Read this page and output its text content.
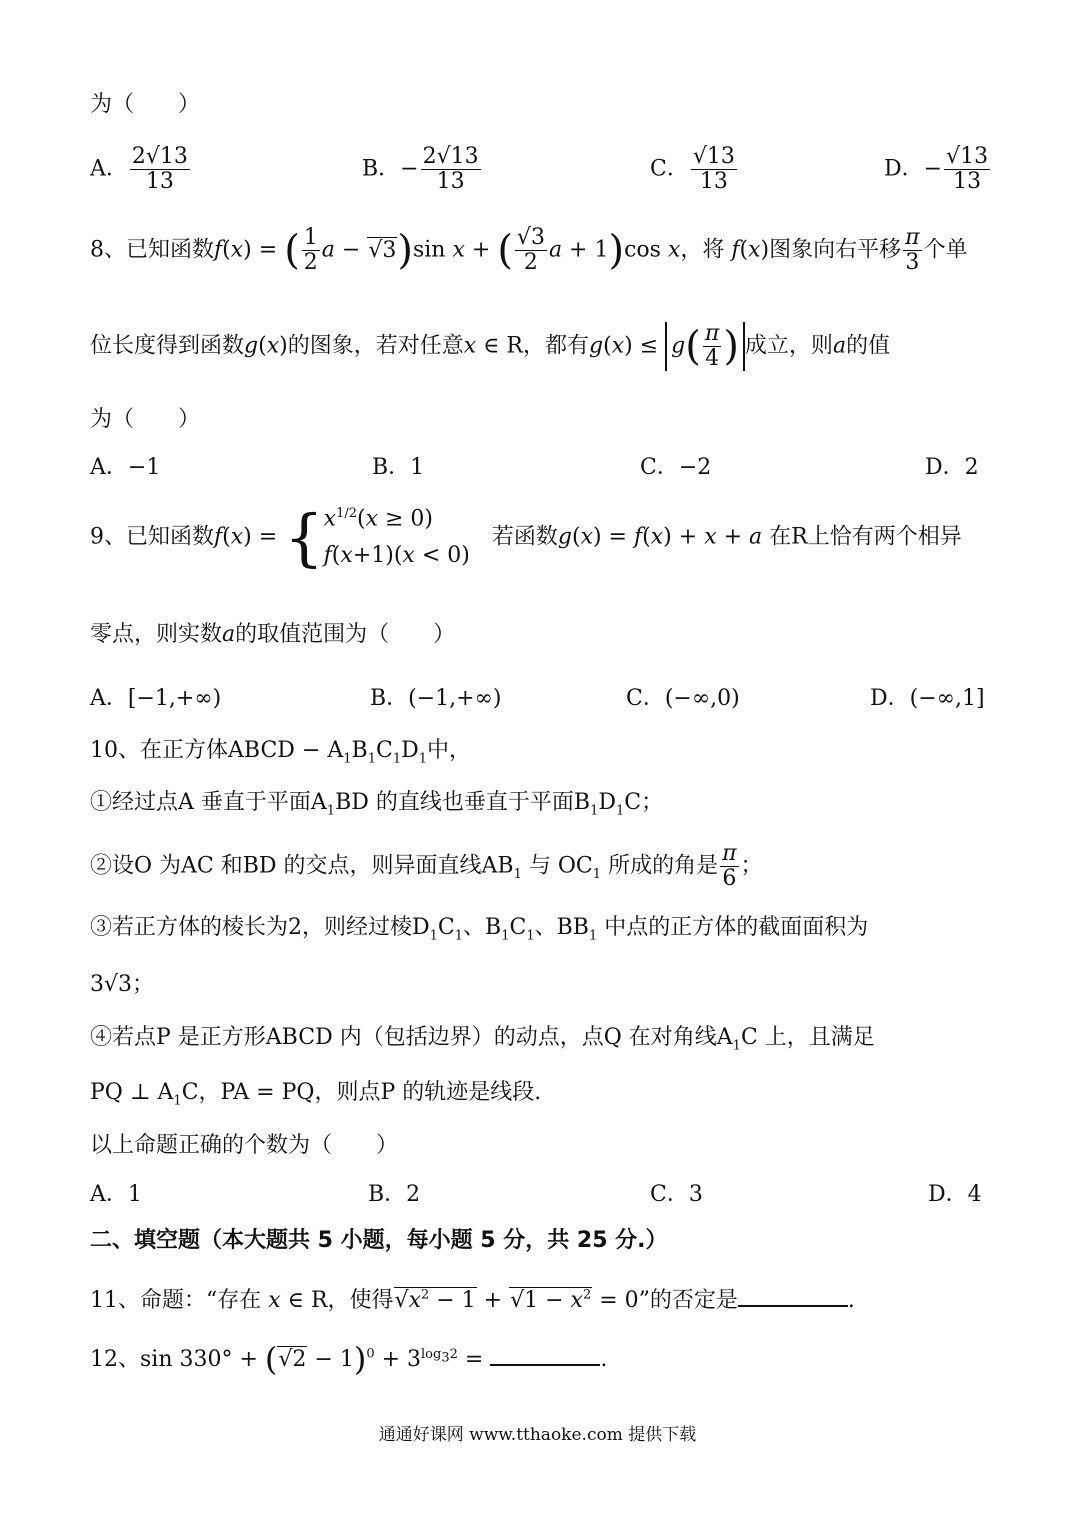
为（　　）
A． $\frac{2√13}{13}$	B．− $\frac{2√13}{13}$	C． $\frac{√13}{13}$	D．− $\frac{√13}{13}$
8、已知函数f(x) = ( $\frac{1}{2}$ a − √3)sin x + ( $\frac{√3}{2}$ a + 1)cos x，将 f(x)图象向右平移 $\frac{\pi}{3}$ 个单
位长度得到函数g(x)的图象，若对任意x ∈ R，都有$g(x) \le g( \frac{\pi}{4}$ ) 成立，则a的值
为（　　）
A．−1	B．1	C．−2	D．2
9、已知函数f(x) = { $x^{1/2}(x \ge 0)$
f(x+1)(x < 0)
　若函数g(x) = f(x) + x + a 在R上恰有两个相异
零点，则实数a的取值范围为（　　）
A．[−1,+∞)	B．(−1,+∞)	C．(−∞,0)	D．(−∞,1]
10、在正方体ABCD − $A_1B_1C_1D_1$中，
①经过点A 垂直于平面$A_1BD$ 的直线也垂直于平面$B_1D_1C$；
②设O 为AC 和BD 的交点，则异面直线$AB_1$ 与 $OC_1$ 所成的角是 $\frac{\pi}{6}$ ；
③若正方体的棱长为2，则经过棱$D_1C_1$、$B_1C_1$、$BB_1$ 中点的正方体的截面面积为
3√3；
④若点P 是正方形ABCD 内（包括边界）的动点，点Q 在对角线$A_1C$ 上，且满足
PQ ⊥ $A_1C$，PA = PQ，则点P 的轨迹是线段.
以上命题正确的个数为（　　）
A．1	B．2	C．3	D．4
二、填空题（本大题共 5 小题，每小题 5 分，共 25 分.）
11、命题：“存在 x ∈ R，使得$√x^2 - 1 + √1 - x^2 = 0$”的否定是	.
12、$\sin 330^\circ + (√2 - 1)^0 + 3^{log_32}$ =	.
通通好课网 www.tthaoke.com 提供下载
